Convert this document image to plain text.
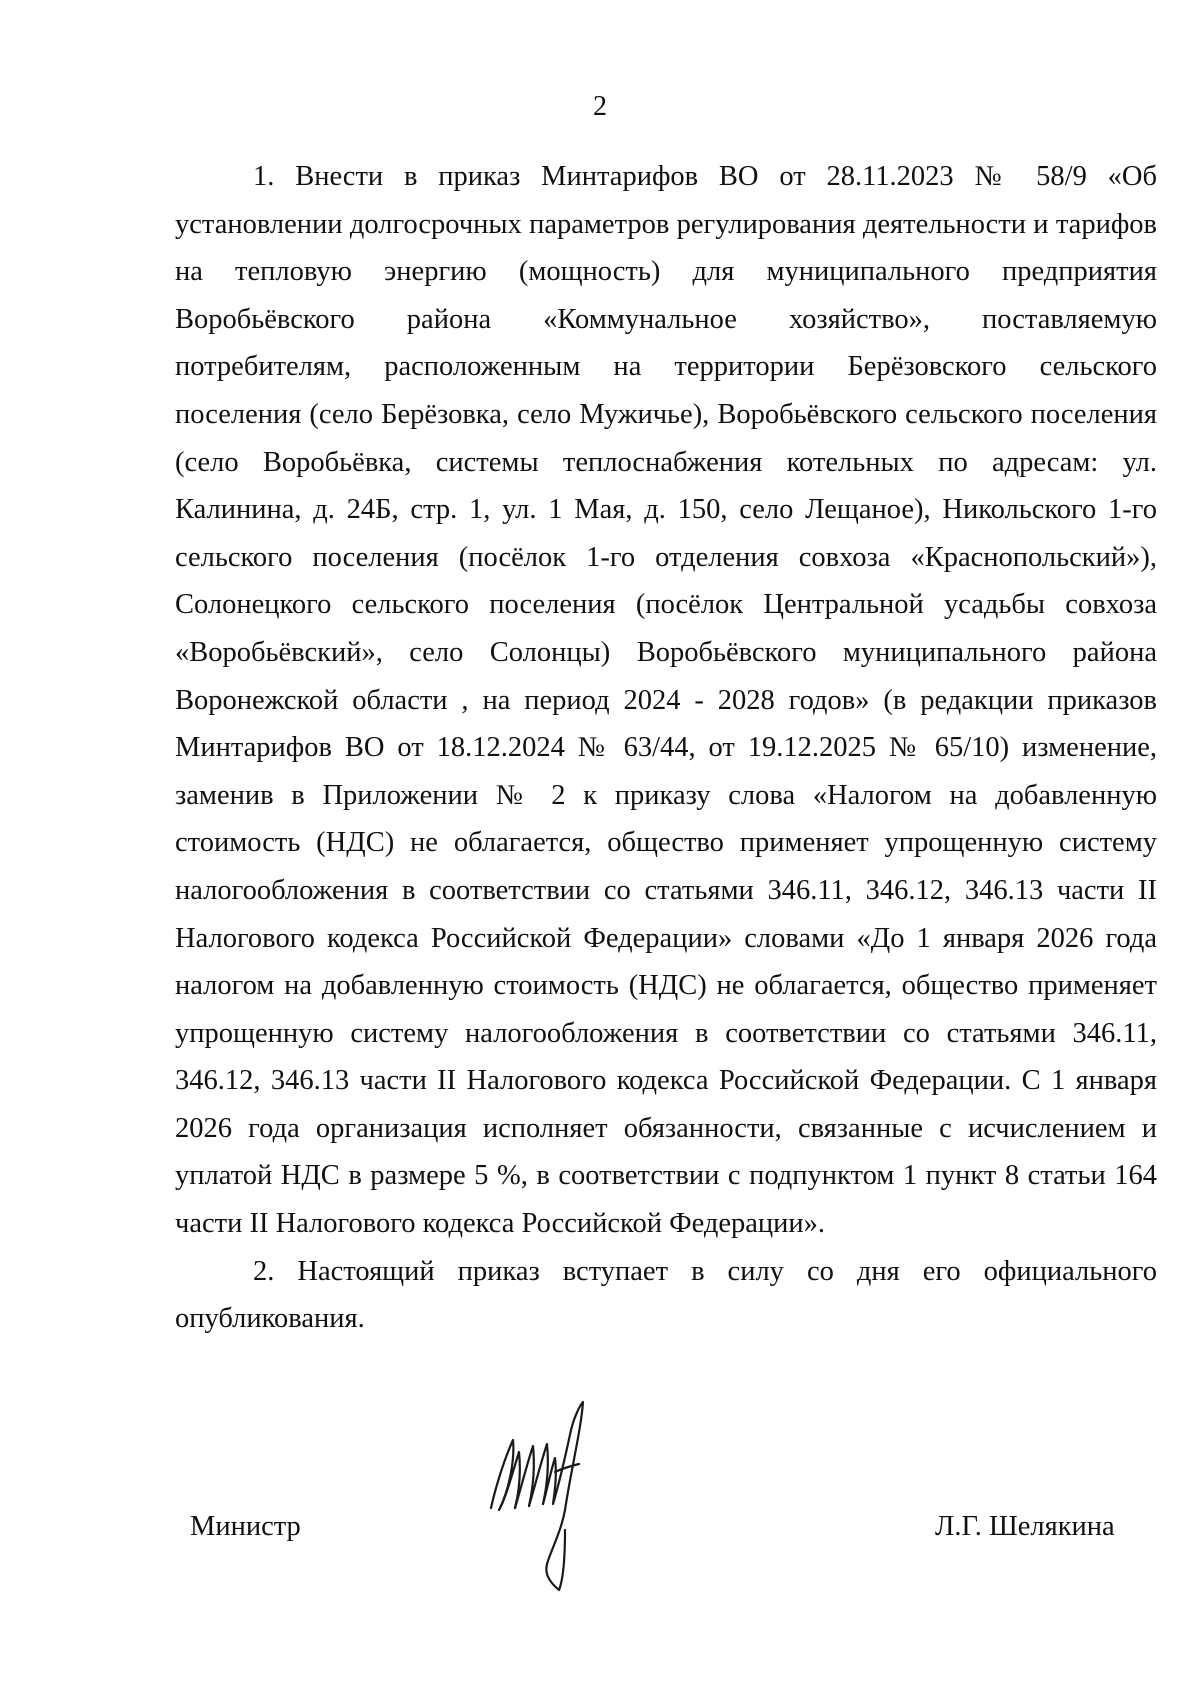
2

1. Внести в приказ Минтарифов ВО от 28.11.2023 № 58/9 «Об установлении долгосрочных параметров регулирования деятельности и тарифов на тепловую энергию (мощность) для муниципального предприятия Воробьёвского района «Коммунальное хозяйство», поставляемую потребителям, расположенным на территории Берёзовского сельского поселения (село Берёзовка, село Мужичье), Воробьёвского сельского поселения (село Воробьёвка, системы теплоснабжения котельных по адресам: ул. Калинина, д. 24Б, стр. 1, ул. 1 Мая, д. 150, село Лещаное), Никольского 1-го сельского поселения (посёлок 1-го отделения совхоза «Краснопольский»), Солонецкого сельского поселения (посёлок Центральной усадьбы совхоза «Воробьёвский», село Солонцы) Воробьёвского муниципального района Воронежской области , на период 2024 - 2028 годов» (в редакции приказов Минтарифов ВО от 18.12.2024 № 63/44, от 19.12.2025 № 65/10) изменение, заменив в Приложении № 2 к приказу слова «Налогом на добавленную стоимость (НДС) не облагается, общество применяет упрощенную систему налогообложения в соответствии со статьями 346.11, 346.12, 346.13 части II Налогового кодекса Российской Федерации» словами «До 1 января 2026 года налогом на добавленную стоимость (НДС) не облагается, общество применяет упрощенную систему налогообложения в соответствии со статьями 346.11, 346.12, 346.13 части II Налогового кодекса Российской Федерации. С 1 января 2026 года организация исполняет обязанности, связанные с исчислением и уплатой НДС в размере 5 %, в соответствии с подпунктом 1 пункт 8 статьи 164 части II Налогового кодекса Российской Федерации».

2. Настоящий приказ вступает в силу со дня его официального опубликования.

Министр	Л.Г. Шелякина
